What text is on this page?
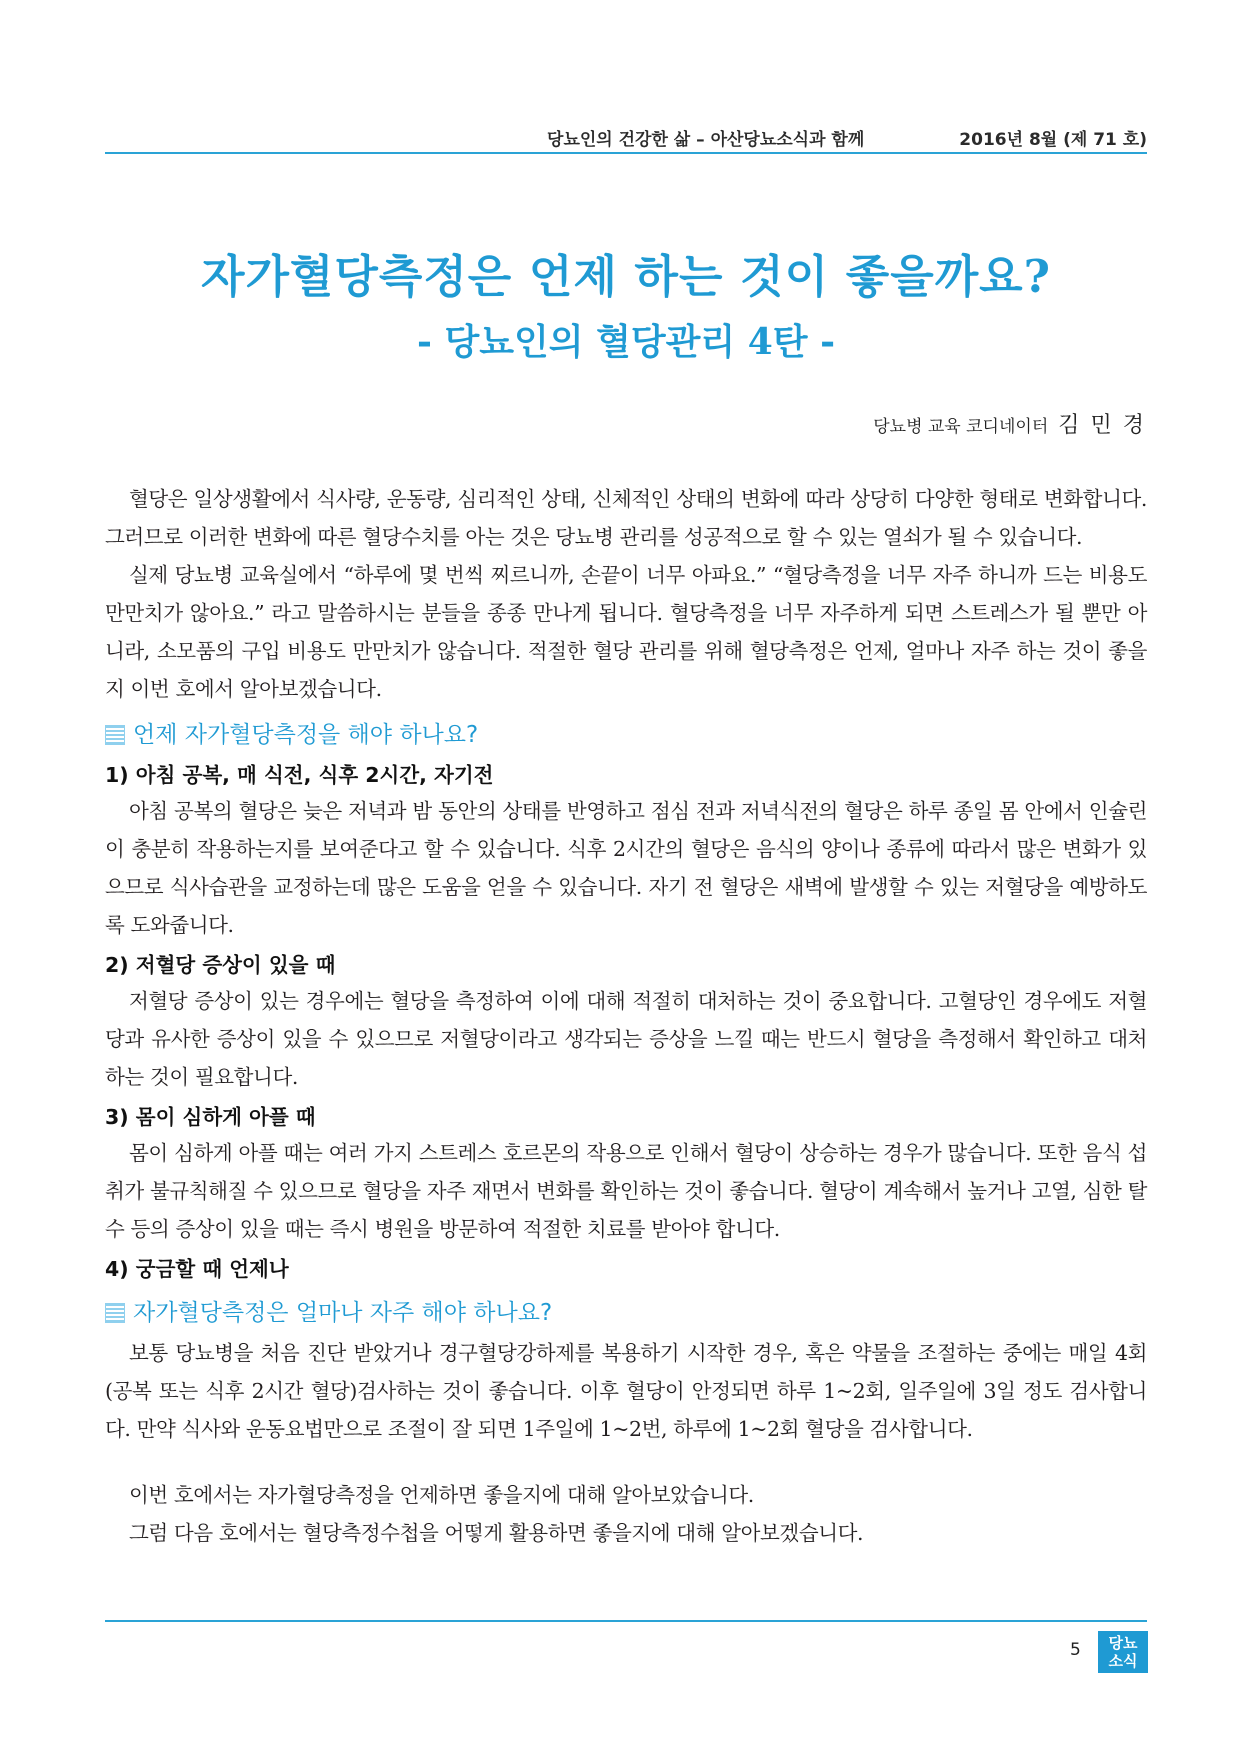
당뇨인의 건강한 삶 – 아산당뇨소식과 함께	2016년 8월 (제 71 호)
자가혈당측정은 언제 하는 것이 좋을까요?
- 당뇨인의 혈당관리 4탄 -
당뇨병 교육 코디네이터 김 민 경

혈당은 일상생활에서 식사량, 운동량, 심리적인 상태, 신체적인 상태의 변화에 따라 상당히 다양한 형태로 변화합니다. 그러므로 이러한 변화에 따른 혈당수치를 아는 것은 당뇨병 관리를 성공적으로 할 수 있는 열쇠가 될 수 있습니다.

실제 당뇨병 교육실에서 “하루에 몇 번씩 찌르니까, 손끝이 너무 아파요.” “혈당측정을 너무 자주 하니까 드는 비용도 만만치가 않아요.” 라고 말씀하시는 분들을 종종 만나게 됩니다. 혈당측정을 너무 자주하게 되면 스트레스가 될 뿐만 아니라, 소모품의 구입 비용도 만만치가 않습니다. 적절한 혈당 관리를 위해 혈당측정은 언제, 얼마나 자주 하는 것이 좋을지 이번 호에서 알아보겠습니다.

언제 자가혈당측정을 해야 하나요?
1) 아침 공복, 매 식전, 식후 2시간, 자기전

아침 공복의 혈당은 늦은 저녁과 밤 동안의 상태를 반영하고 점심 전과 저녁식전의 혈당은 하루 종일 몸 안에서 인슐린이 충분히 작용하는지를 보여준다고 할 수 있습니다. 식후 2시간의 혈당은 음식의 양이나 종류에 따라서 많은 변화가 있으므로 식사습관을 교정하는데 많은 도움을 얻을 수 있습니다. 자기 전 혈당은 새벽에 발생할 수 있는 저혈당을 예방하도록 도와줍니다.

2) 저혈당 증상이 있을 때

저혈당 증상이 있는 경우에는 혈당을 측정하여 이에 대해 적절히 대처하는 것이 중요합니다. 고혈당인 경우에도 저혈당과 유사한 증상이 있을 수 있으므로 저혈당이라고 생각되는 증상을 느낄 때는 반드시 혈당을 측정해서 확인하고 대처하는 것이 필요합니다.

3) 몸이 심하게 아플 때

몸이 심하게 아플 때는 여러 가지 스트레스 호르몬의 작용으로 인해서 혈당이 상승하는 경우가 많습니다. 또한 음식 섭취가 불규칙해질 수 있으므로 혈당을 자주 재면서 변화를 확인하는 것이 좋습니다. 혈당이 계속해서 높거나 고열, 심한 탈수 등의 증상이 있을 때는 즉시 병원을 방문하여 적절한 치료를 받아야 합니다.

4) 궁금할 때 언제나
자가혈당측정은 얼마나 자주 해야 하나요?

보통 당뇨병을 처음 진단 받았거나 경구혈당강하제를 복용하기 시작한 경우, 혹은 약물을 조절하는 중에는 매일 4회(공복 또는 식후 2시간 혈당)검사하는 것이 좋습니다. 이후 혈당이 안정되면 하루 1~2회, 일주일에 3일 정도 검사합니다. 만약 식사와 운동요법만으로 조절이 잘 되면 1주일에 1~2번, 하루에 1~2회 혈당을 검사합니다.

이번 호에서는 자가혈당측정을 언제하면 좋을지에 대해 알아보았습니다.

그럼 다음 호에서는 혈당측정수첩을 어떻게 활용하면 좋을지에 대해 알아보겠습니다.

5	당뇨
소식
